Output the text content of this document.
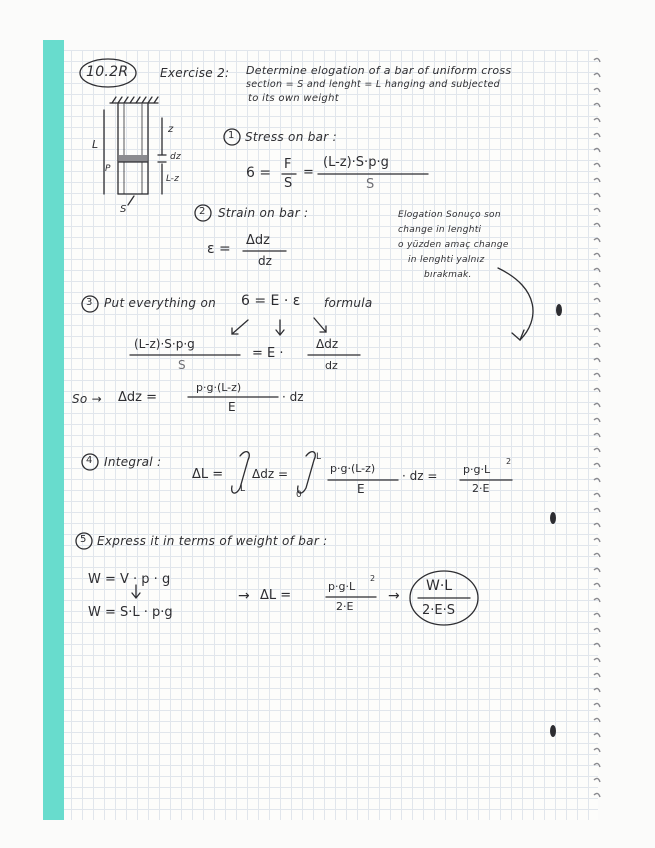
10.2R	Exercise 2: Determine elogation of a bar of uniform cross
section = S and lenght = L hanging and subjected
to its own weight
L
z
dz
L-z
P
S
1 Stress on bar :
6 =
F
S
=
(L-z)·S·p·g
S
2 Strain on bar :
ε =
Δdz
dz
Elogation Sonuço son
change in lenghti
o yüzden amaç change
in lenghti yalnız
bırakmak.
3 Put everything on 6 = E · ε formula
(L-z)·S·p·g
S
= E ·
Δdz
dz
So → Δdz =
p·g·(L-z)
E
· dz
4 Integral :
ΔL =
L
Δdz =
L
0
p·g·(L-z)
E
· dz = p·g·L
2
2·E
5 Express it in terms of weight of bar :
W = V · p · g
W = S·L · p·g
→ ΔL =
p·g·L
2
2·E
→
W·L
2·E·S
